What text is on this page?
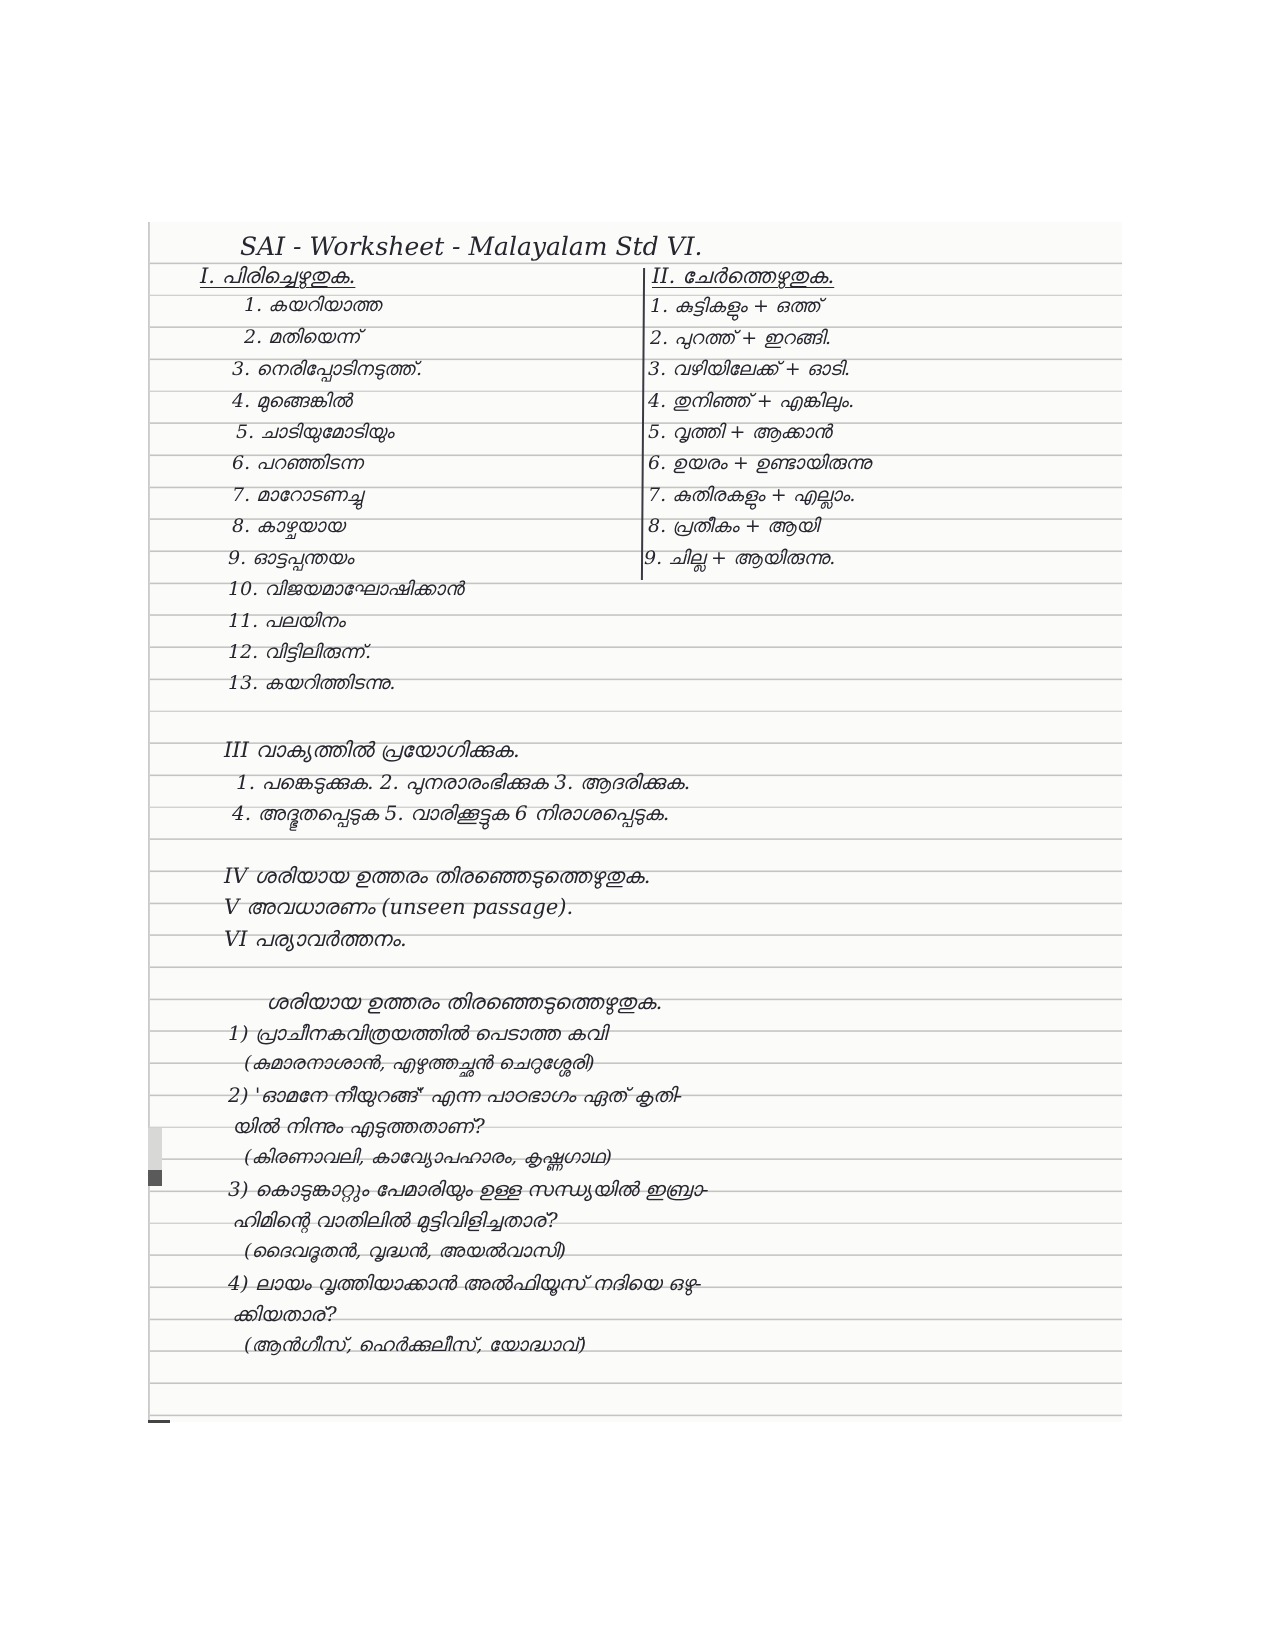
SAI - Worksheet - Malayalam Std VI.

I. പിരിച്ചെഴുതുക.

1. കയറിയാത്ത

2. മതിയെന്ന്

3. നെരിപ്പോടിനടുത്ത്.

4. മുങ്ങെങ്കിൽ

5. ചാടിയുമോടിയും

6. പറഞ്ഞിടന്ന

7. മാറോടണച്ചു

8. കാഴ്ചയായ

9. ഓട്ടപ്പന്തയം

10. വിജയമാഘോഷിക്കാൻ

11. പലയിനം

12. വിട്ടിലിരുന്ന്.

13. കയറിത്തിടന്നു.

II. ചേർത്തെഴുതുക.

1. കുട്ടികളും + ഒത്ത്

2. പുറത്ത് + ഇറങ്ങി.

3. വഴിയിലേക്ക് + ഓടി.

4. തുനിഞ്ഞ് + എങ്കിലും.

5. വൃത്തി + ആക്കാൻ

6. ഉയരം + ഉണ്ടായിരുന്നു

7. കുതിരകളും + എല്ലാം.

8. പ്രതീകം + ആയി

9. ചില്ല + ആയിരുന്നു.

III വാക്യത്തിൽ പ്രയോഗിക്കുക.

1. പങ്കെടുക്കുക. 2. പുനരാരംഭിക്കുക 3. ആദരിക്കുക.

4. അദ്ഭുതപ്പെടുക 5. വാരിക്കൂട്ടുക 6 നിരാശപ്പെടുക.

IV ശരിയായ ഉത്തരം തിരഞ്ഞെടുത്തെഴുതുക.

V അവധാരണം (unseen passage).

VI പര്യാവർത്തനം.

ശരിയായ ഉത്തരം തിരഞ്ഞെടുത്തെഴുതുക.

1) പ്രാചീനകവിത്രയത്തിൽ പെടാത്ത കവി

(കുമാരനാശാൻ, എഴുത്തച്ഛൻ ചെറുശ്ശേരി)

2) 'ഓമനേ നീയുറങ്ങ്' എന്ന പാഠഭാഗം ഏത് കൃതി-

യിൽ നിന്നും എടുത്തതാണ്?

(കിരണാവലി, കാവ്യോപഹാരം, കൃഷ്ണഗാഥ)

3) കൊടുങ്കാറ്റും പേമാരിയും ഉള്ള സന്ധ്യയിൽ ഇബ്രാ-

ഹിമിന്റെ വാതിലിൽ മുട്ടിവിളിച്ചതാര്?

(ദൈവദൂതൻ, വൃദ്ധൻ, അയൽവാസി)

4) ലായം വൃത്തിയാക്കാൻ അൽഫിയൂസ് നദിയെ ഒഴു-

ക്കിയതാര്?

(ആൻഗീസ്, ഹെർക്കുലീസ്, യോദ്ധാവ്)
